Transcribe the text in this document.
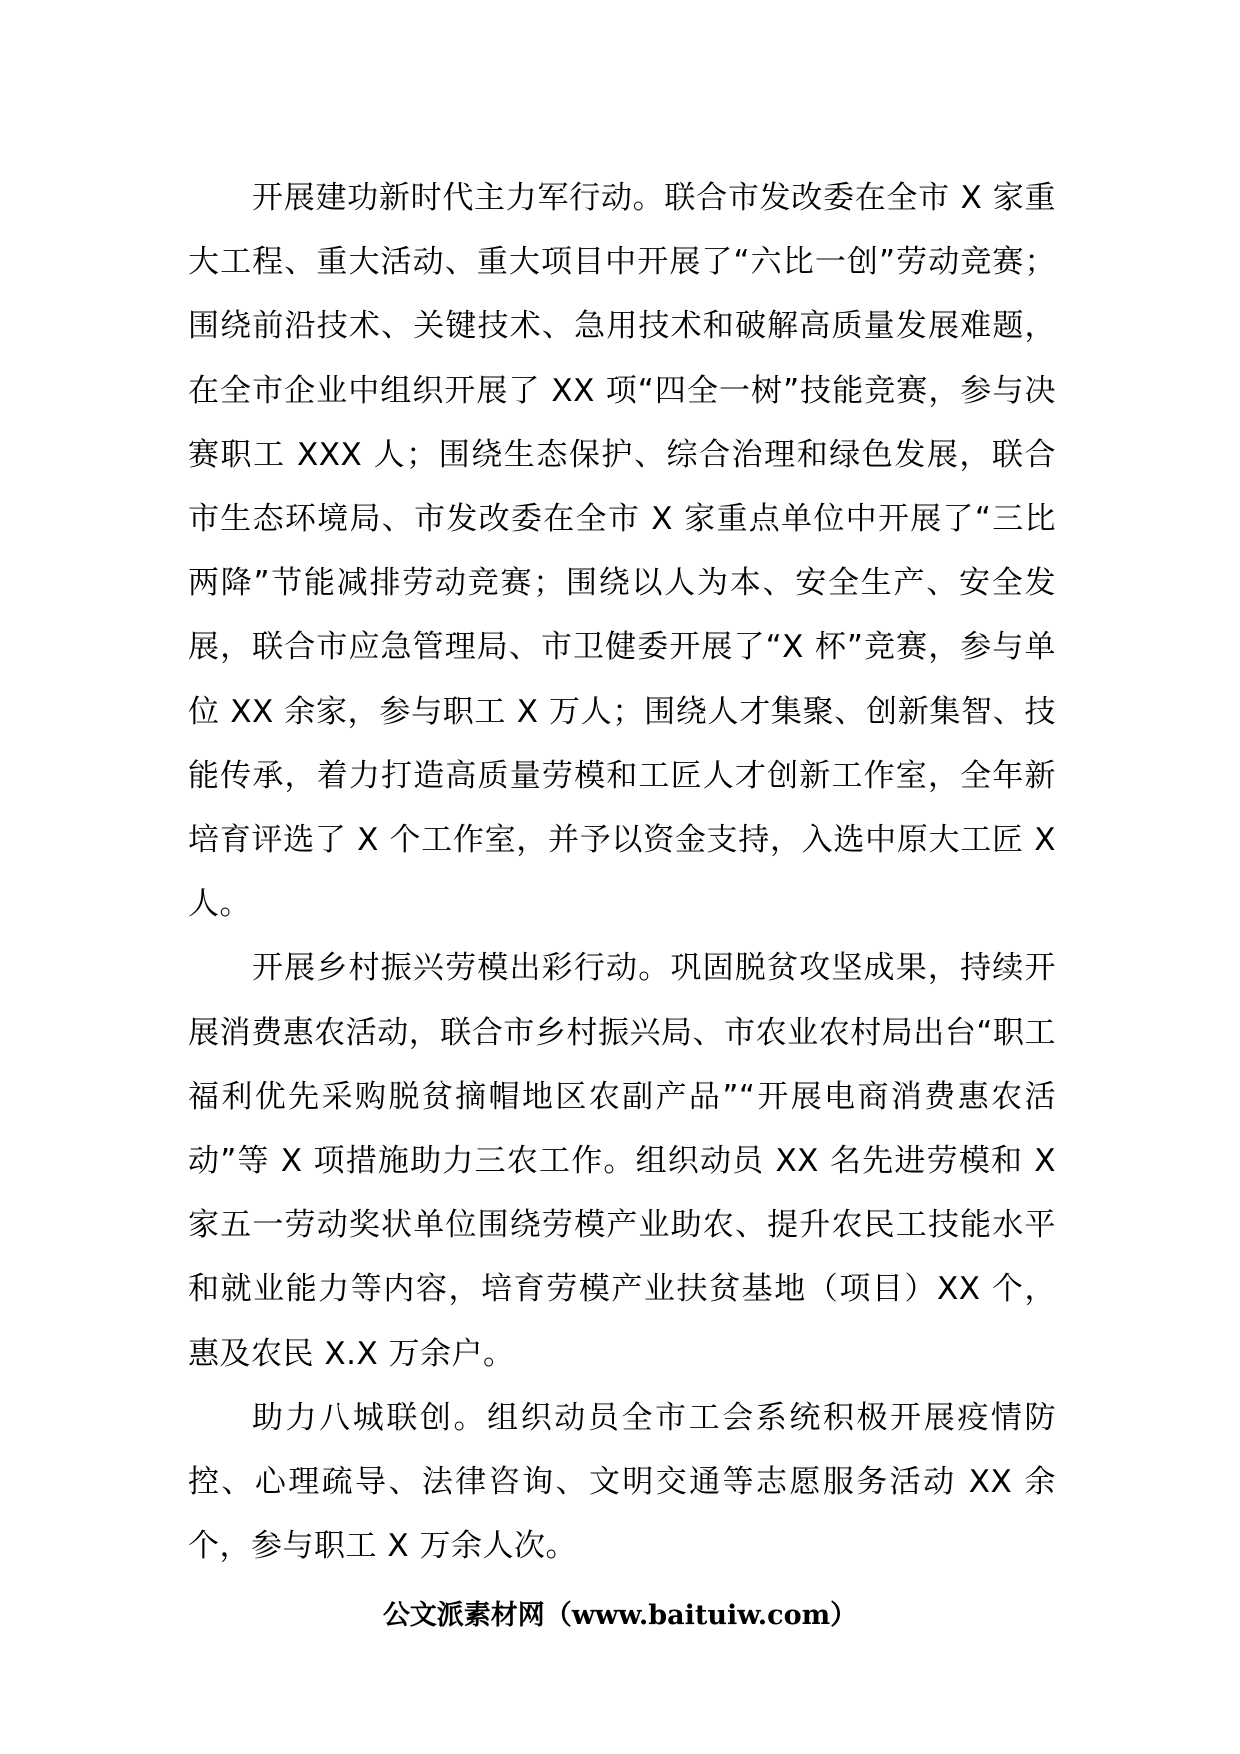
开展建功新时代主力军行动。联合市发改委在全市 X 家重大工程、重大活动、重大项目中开展了“六比一创”劳动竞赛；围绕前沿技术、关键技术、急用技术和破解高质量发展难题，在全市企业中组织开展了 XX 项“四全一树”技能竞赛，参与决赛职工 XXX 人；围绕生态保护、综合治理和绿色发展，联合市生态环境局、市发改委在全市 X 家重点单位中开展了“三比两降”节能减排劳动竞赛；围绕以人为本、安全生产、安全发展，联合市应急管理局、市卫健委开展了“X 杯”竞赛，参与单位 XX 余家，参与职工 X 万人；围绕人才集聚、创新集智、技能传承，着力打造高质量劳模和工匠人才创新工作室，全年新培育评选了 X 个工作室，并予以资金支持，入选中原大工匠 X 人。

开展乡村振兴劳模出彩行动。巩固脱贫攻坚成果，持续开展消费惠农活动，联合市乡村振兴局、市农业农村局出台“职工福利优先采购脱贫摘帽地区农副产品”“开展电商消费惠农活动”等 X 项措施助力三农工作。组织动员 XX 名先进劳模和 X 家五一劳动奖状单位围绕劳模产业助农、提升农民工技能水平和就业能力等内容，培育劳模产业扶贫基地（项目）XX 个，惠及农民 X.X 万余户。

助力八城联创。组织动员全市工会系统积极开展疫情防控、心理疏导、法律咨询、文明交通等志愿服务活动 XX 余个，参与职工 X 万余人次。

公文派素材网（www.baituiw.com）
